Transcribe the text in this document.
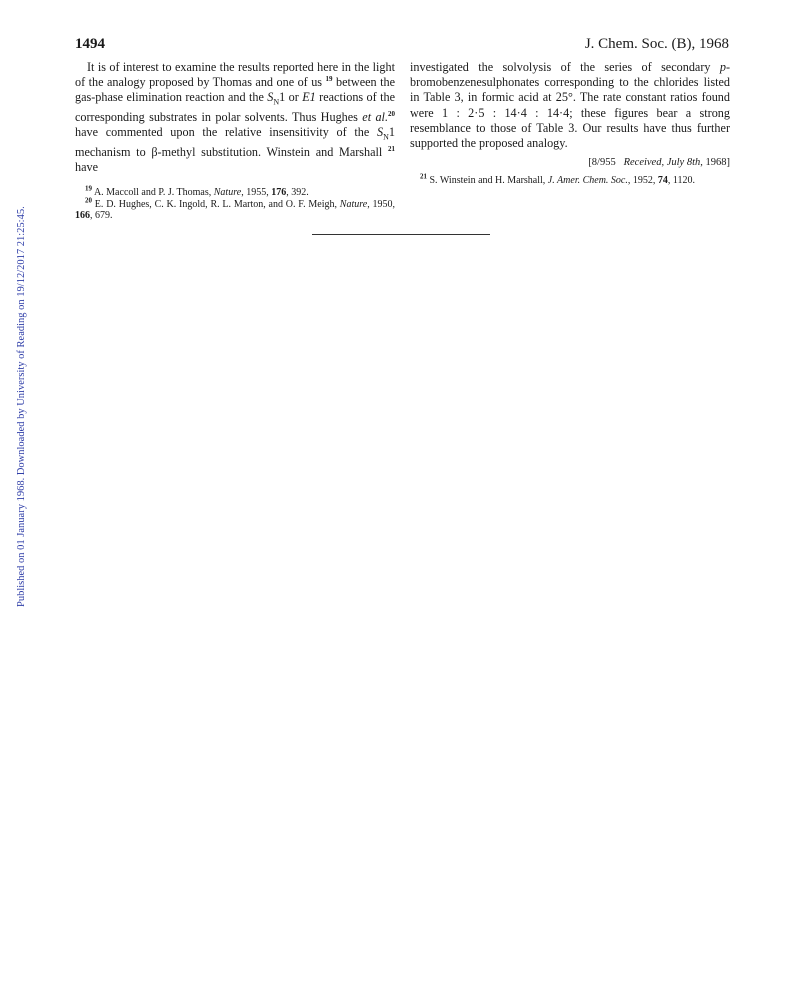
1494	J. Chem. Soc. (B), 1968

It is of interest to examine the results reported here in the light of the analogy proposed by Thomas and one of us $^{19}$ between the gas-phase elimination reaction and the $S_N1$ or E1 reactions of the corresponding substrates in polar solvents. Thus Hughes et al.$^{20}$ have commented upon the relative insensitivity of the $S_N1$ mechanism to β-methyl substitution. Winstein and Marshall $^{21}$ have

$^{19}$ A. Maccoll and P. J. Thomas, Nature, 1955, 176, 392.

$^{20}$ E. D. Hughes, C. K. Ingold, R. L. Marton, and O. F. Meigh, Nature, 1950, 166, 679.

investigated the solvolysis of the series of secondary p-bromobenzenesulphonates corresponding to the chlorides listed in Table 3, in formic acid at 25°. The rate constant ratios found were 1 : 2·5 : 14·4 : 14·4; these figures bear a strong resemblance to those of Table 3. Our results have thus further supported the proposed analogy.

[8/955 Received, July 8th, 1968]

$^{21}$ S. Winstein and H. Marshall, J. Amer. Chem. Soc., 1952, 74, 1120.

Published on 01 January 1968. Downloaded by University of Reading on 19/12/2017 21:25:45.
